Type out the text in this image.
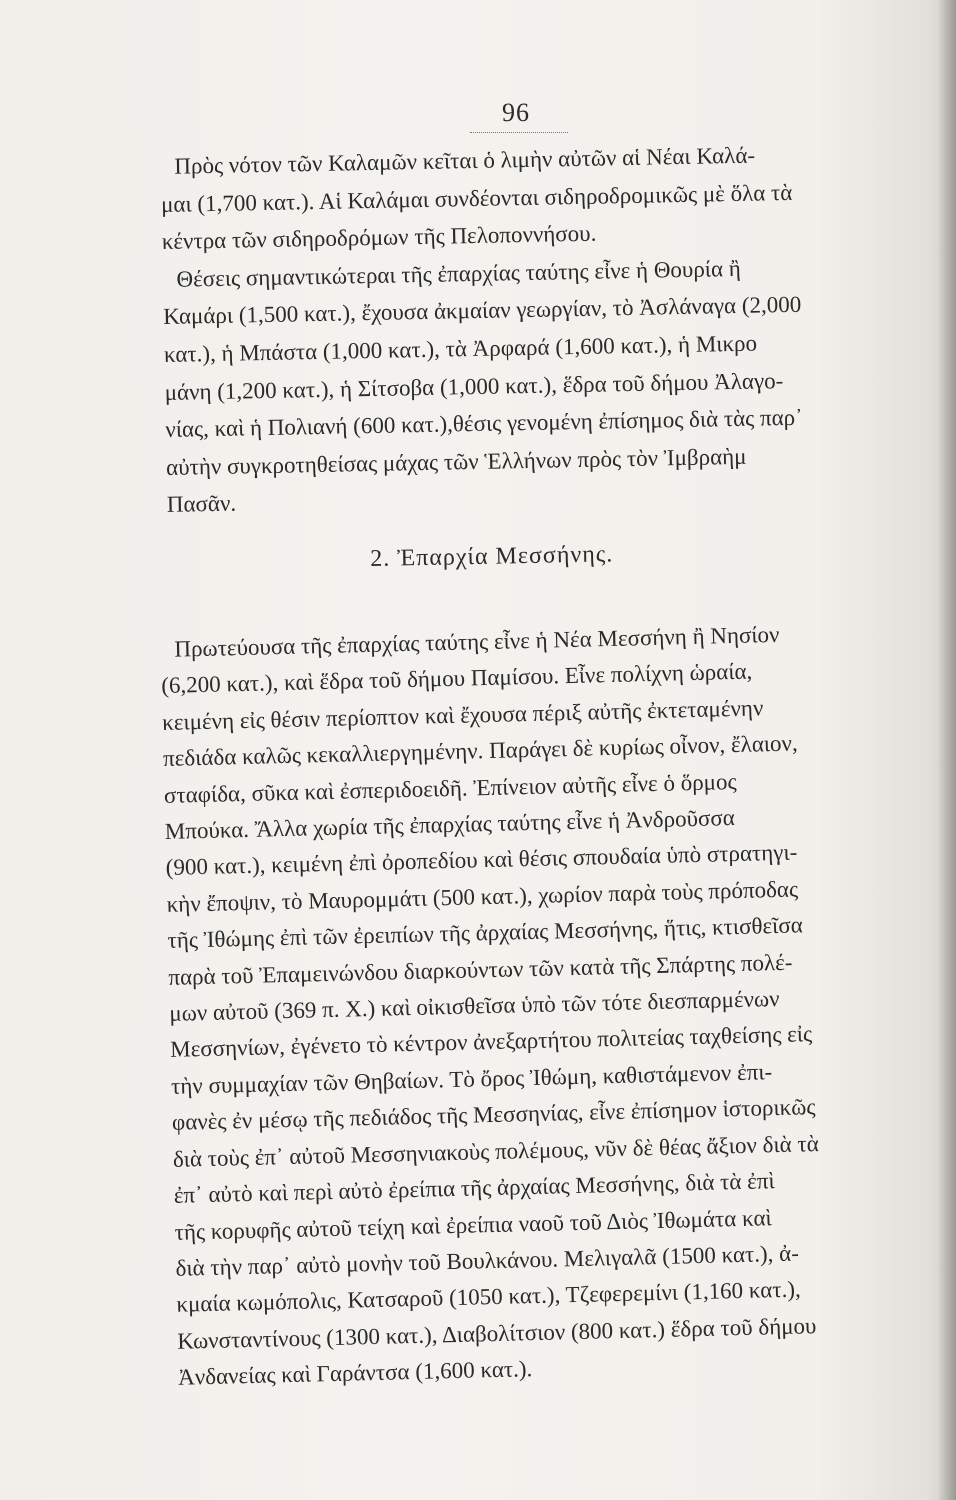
96

Πρὸς νότον τῶν Καλαμῶν κεῖται ὁ λιμὴν αὐτῶν αἱ Νέαι Καλά-
μαι (1,700 κατ.). Αἱ Καλάμαι συνδέονται σιδηροδρομικῶς μὲ ὅλα τὰ
κέντρα τῶν σιδηροδρόμων τῆς Πελοποννήσου.

Θέσεις σημαντικώτεραι τῆς ἐπαρχίας ταύτης εἶνε ἡ Θουρία ἢ
Καμάρι (1,500 κατ.), ἔχουσα ἀκμαίαν γεωργίαν, τὸ Ἀσλάναγα (2,000
κατ.), ἡ Μπάστα (1,000 κατ.), τὰ Ἀρφαρά (1,600 κατ.), ἡ Μικρο
μάνη (1,200 κατ.), ἡ Σίτσοβα (1,000 κατ.), ἕδρα τοῦ δήμου Ἀλαγο-
νίας, καὶ ἡ Πολιανή (600 κατ.),θέσις γενομένη ἐπίσημος διὰ τὰς παρ᾽
αὐτὴν συγκροτηθείσας μάχας τῶν Ἑλλήνων πρὸς τὸν Ἰμβραὴμ
Πασᾶν.

2. Ἐπαρχία Μεσσήνης.

Πρωτεύουσα τῆς ἐπαρχίας ταύτης εἶνε ἡ Νέα Μεσσήνη ἢ Νησίον
(6,200 κατ.), καὶ ἕδρα τοῦ δήμου Παμίσου. Εἶνε πολίχνη ὡραία,
κειμένη εἰς θέσιν περίοπτον καὶ ἔχουσα πέριξ αὐτῆς ἐκτεταμένην
πεδιάδα καλῶς κεκαλλιεργημένην. Παράγει δὲ κυρίως οἶνον, ἔλαιον,
σταφίδα, σῦκα καὶ ἐσπεριδοειδῆ. Ἐπίνειον αὐτῆς εἶνε ὁ ὅρμος
Μπούκα. Ἄλλα χωρία τῆς ἐπαρχίας ταύτης εἶνε ἡ Ἀνδροῦσσα
(900 κατ.), κειμένη ἐπὶ ὀροπεδίου καὶ θέσις σπουδαία ὑπὸ στρατηγι-
κὴν ἔποψιν, τὸ Μαυρομμάτι (500 κατ.), χωρίον παρὰ τοὺς πρόποδας
τῆς Ἰθώμης ἐπὶ τῶν ἐρειπίων τῆς ἀρχαίας Μεσσήνης, ἥτις, κτισθεῖσα
παρὰ τοῦ Ἐπαμεινώνδου διαρκούντων τῶν κατὰ τῆς Σπάρτης πολέ-
μων αὐτοῦ (369 π. Χ.) καὶ οἰκισθεῖσα ὑπὸ τῶν τότε διεσπαρμένων
Μεσσηνίων, ἐγένετο τὸ κέντρον ἀνεξαρτήτου πολιτείας ταχθείσης εἰς
τὴν συμμαχίαν τῶν Θηβαίων. Τὸ ὄρος Ἰθώμη, καθιστάμενον ἐπι-
φανὲς ἐν μέσῳ τῆς πεδιάδος τῆς Μεσσηνίας, εἶνε ἐπίσημον ἱστορικῶς
διὰ τοὺς ἐπ᾽ αὐτοῦ Μεσσηνιακοὺς πολέμους, νῦν δὲ θέας ἄξιον διὰ τὰ
ἐπ᾽ αὐτὸ καὶ περὶ αὐτὸ ἐρείπια τῆς ἀρχαίας Μεσσήνης, διὰ τὰ ἐπὶ
τῆς κορυφῆς αὐτοῦ τείχη καὶ ἐρείπια ναοῦ τοῦ Διὸς Ἰθωμάτα καὶ
διὰ τὴν παρ᾽ αὐτὸ μονὴν τοῦ Βουλκάνου. Μελιγαλᾶ (1500 κατ.), ἀ-
κμαία κωμόπολις, Κατσαροῦ (1050 κατ.), Τζεφερεμίνι (1,160 κατ.),
Κωνσταντίνους (1300 κατ.), Διαβολίτσιον (800 κατ.) ἕδρα τοῦ δήμου
Ἀνδανείας καὶ Γαράντσα (1,600 κατ.).
